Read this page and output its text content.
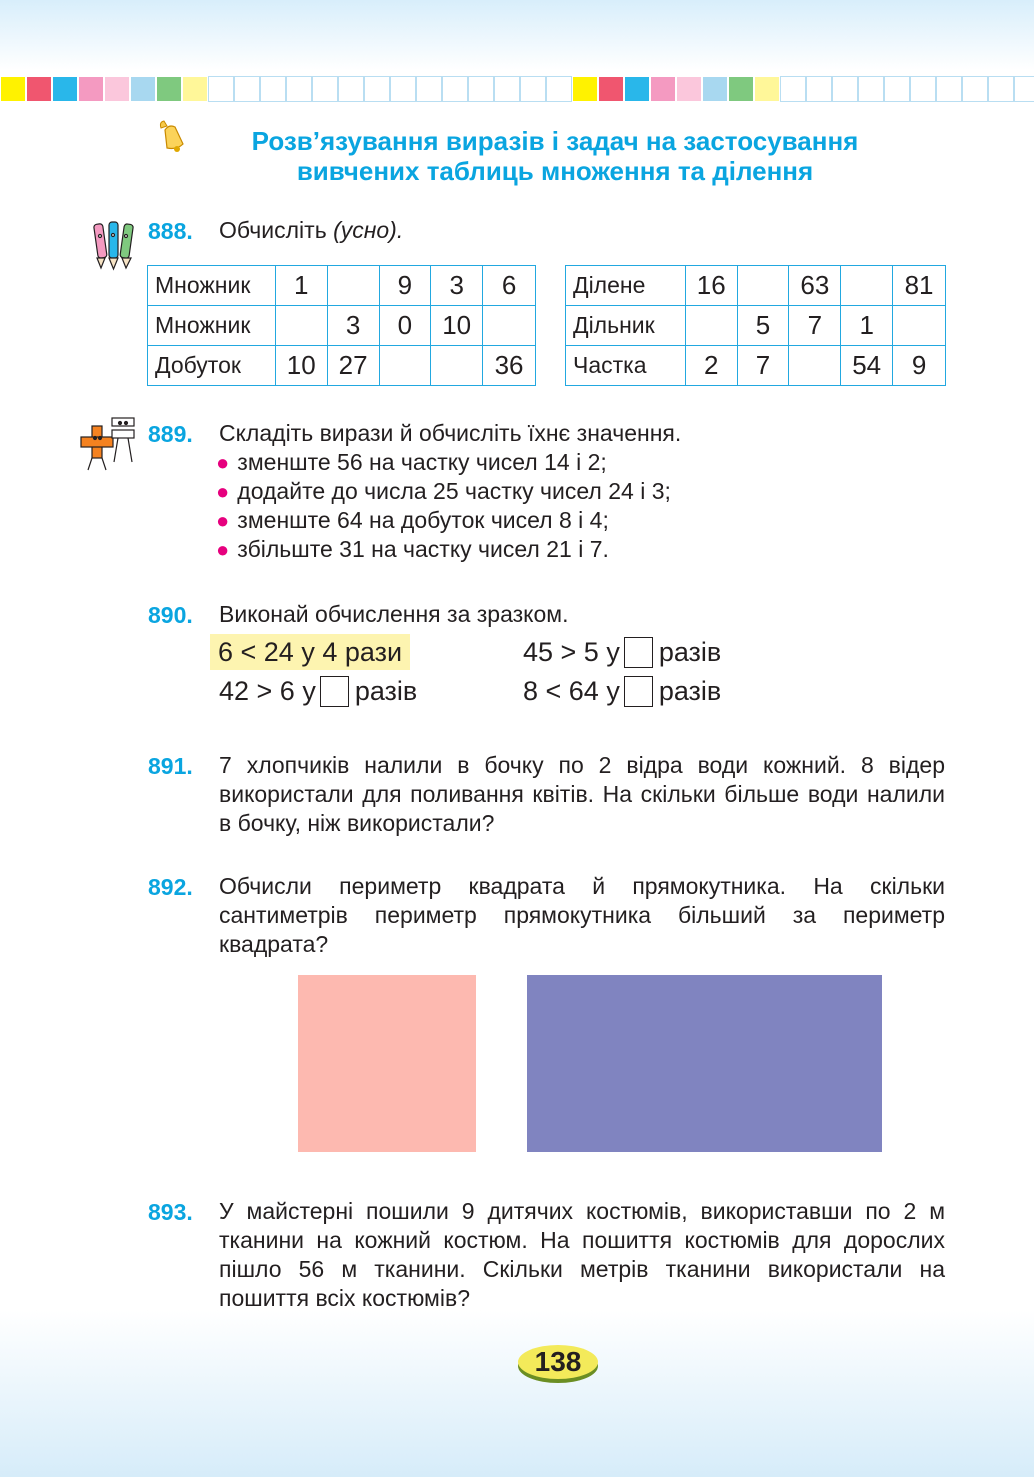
Розв’язування виразів і задач на застосування
вивчених таблиць множення та ділення
888. Обчисліть (усно).
Множник	1		9	3	6
Множник		3	0	10	
Добуток	10	27			36
Ділене	16		63		81
Дільник		5	7	1	
Частка	2	7		54	9
889. Складіть вирази й обчисліть їхнє значення.
● зменште 56 на частку чисел 14 і 2;
● додайте до числа 25 частку чисел 24 і 3;
● зменште 64 на добуток чисел 8 і 4;
● збільште 31 на частку чисел 21 і 7.
890. Виконай обчислення за зразком.
6 < 24 у 4 рази	45 > 5 у разів
42 > 6 у разів	8 < 64 у разів
891. 7 хлопчиків налили в бочку по 2 відра води кожний. 8 відер використали для поливання квітів. На скільки більше води налили в бочку, ніж використали?
892. Обчисли периметр квадрата й прямокутника. На скільки сантиметрів периметр прямокутника більший за периметр квадрата?
893. У майстерні пошили 9 дитячих костюмів, використавши по 2 м тканини на кожний костюм. На пошиття костюмів для дорослих пішло 56 м тканини. Скільки метрів тканини використали на пошиття всіх костюмів?
138
